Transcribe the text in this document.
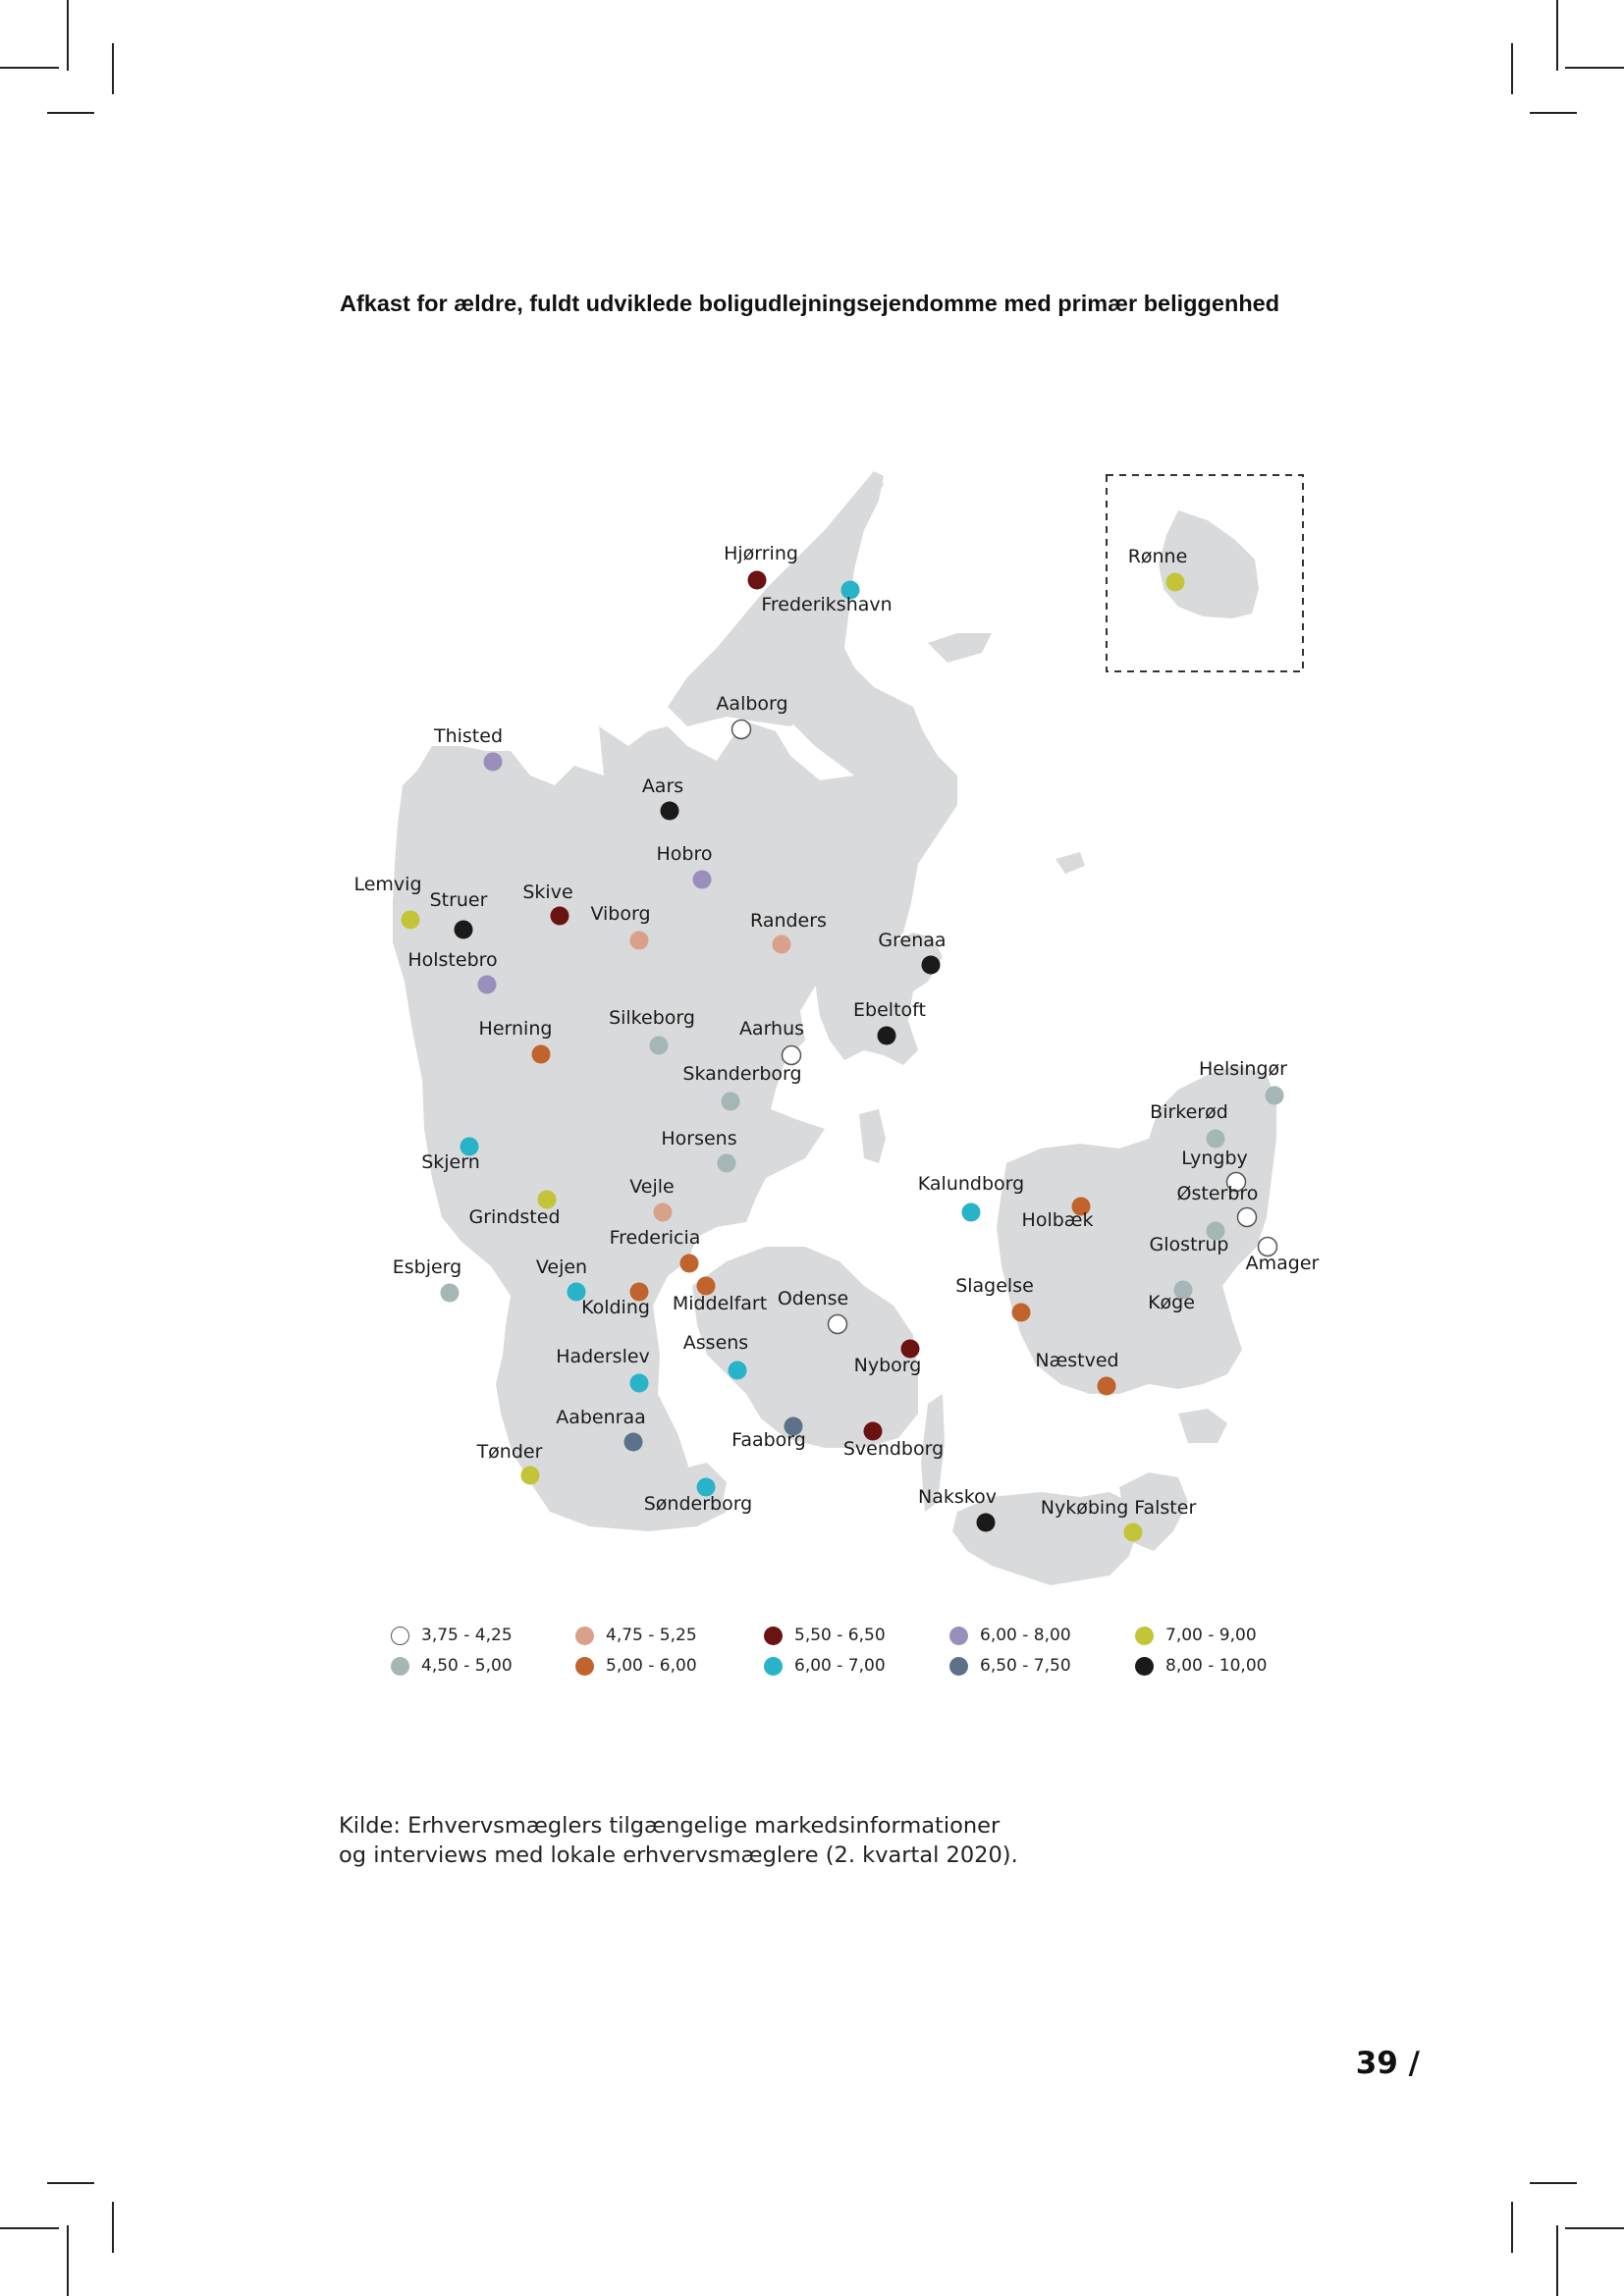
Afkast for ældre, fuldt udviklede boligudlejningsejendomme med primær beliggenhed
Hjørring
Frederikshavn
Aalborg
Thisted
Aars
Hobro
Lemvig
Struer Skive
Viborg	Randers
Grenaa
Holstebro
Ebeltoft
Herning	Silkeborg Aarhus
Skanderborg
Horsens
Skjern
Grindsted
Vejle
Fredericia
Middelfart
Esbjerg	Vejen
Kolding	Odense
Assens
Nyborg
Haderslev
Aabenraa
Faaborg Svendborg
Tønder
Sønderborg	Nakskov Nykøbing Falster
Kalundborg
Holbæk
Slagelse
Næstved
Helsingør
Birkerød
Lyngby
Østerbro
Glostrup
Amager
Køge
Rønne
3,75 - 4,25
4,50 - 5,00
4,75 - 5,25
5,00 - 6,00
5,50 - 6,50
6,00 - 7,00
6,00 - 8,00
6,50 - 7,50
7,00 - 9,00
8,00 - 10,00
Kilde: Erhvervsmæglers tilgængelige markedsinformationer
og interviews med lokale erhvervsmæglere (2. kvartal 2020).
39 /
